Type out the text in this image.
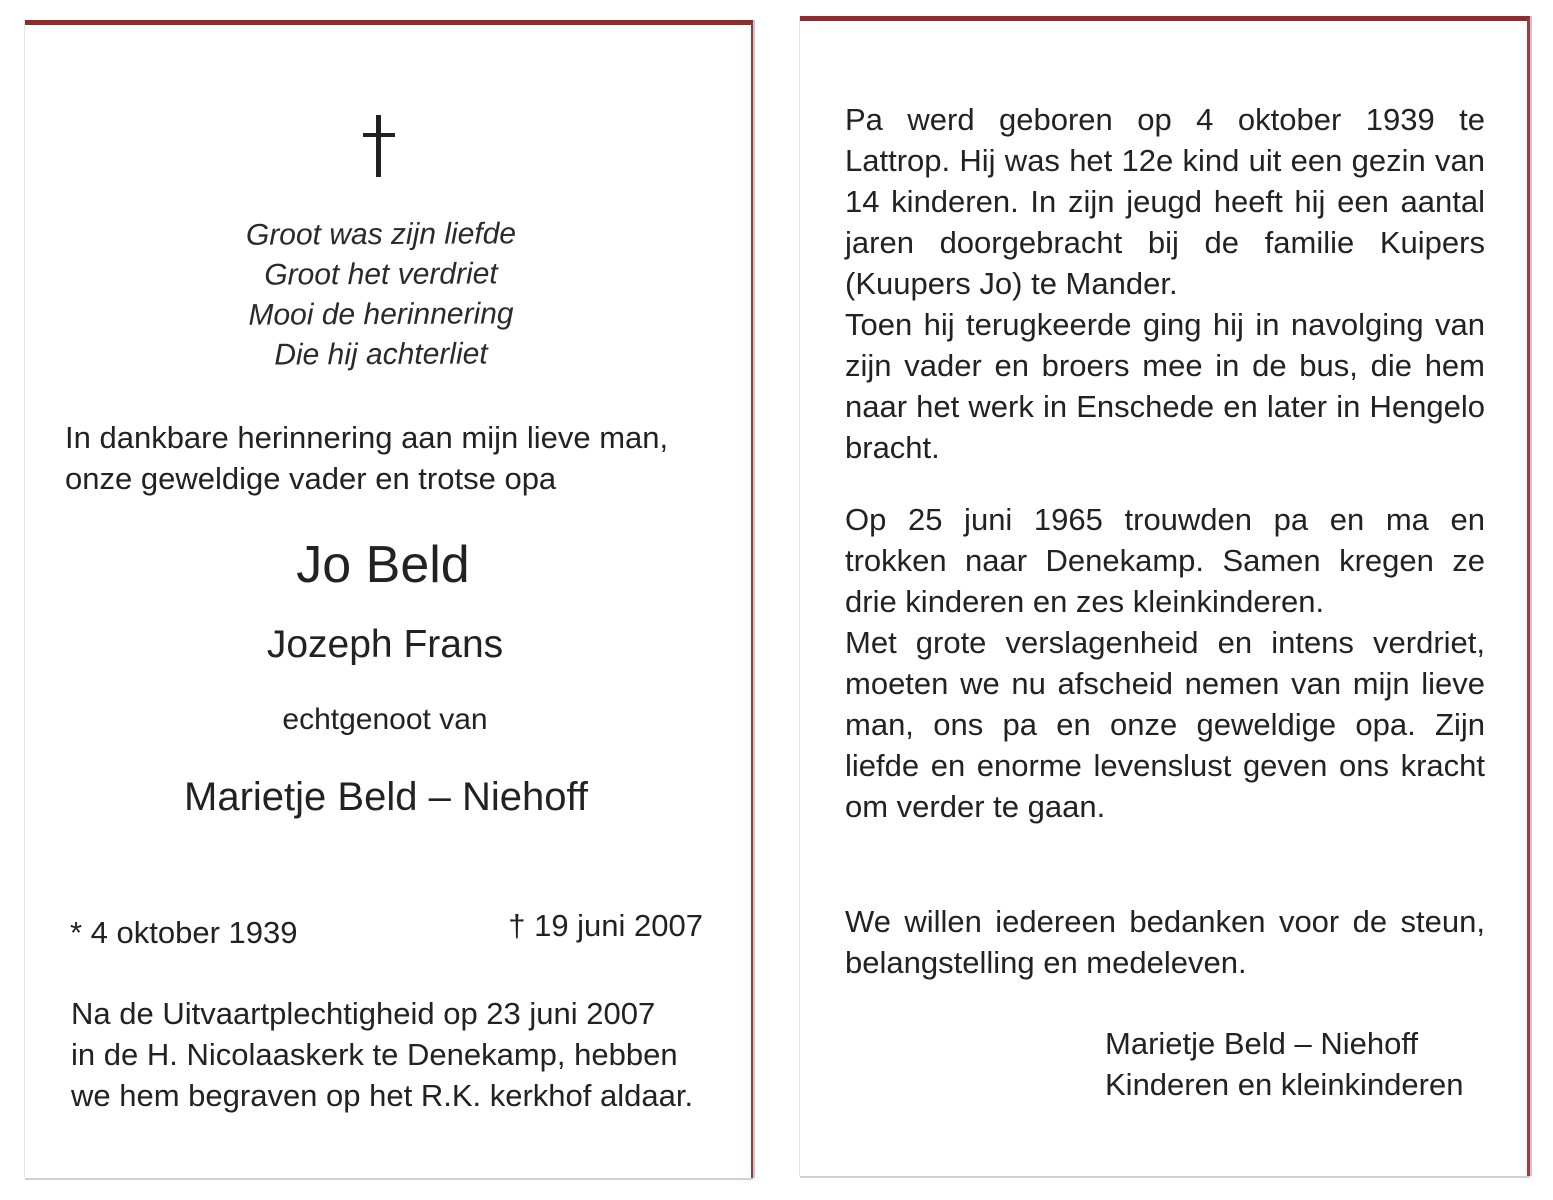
Groot was zijn liefde
Groot het verdriet
Mooi de herinnering
Die hij achterliet
In dankbare herinnering aan mijn lieve man,
onze geweldige vader en trotse opa
Jo Beld
Jozeph Frans
echtgenoot van
Marietje Beld – Niehoff
* 4 oktober 1939	† 19 juni 2007
Na de Uitvaartplechtigheid op 23 juni 2007
in de H. Nicolaaskerk te Denekamp, hebben
we hem begraven op het R.K. kerkhof aldaar.

Pa werd geboren op 4 oktober 1939 te Lattrop. Hij was het 12e kind uit een gezin van 14 kinderen. In zijn jeugd heeft hij een aantal jaren doorgebracht bij de familie Kuipers (Kuupers Jo) te Mander.

Toen hij terugkeerde ging hij in navolging van zijn vader en broers mee in de bus, die hem naar het werk in Enschede en later in Hengelo bracht.

Op 25 juni 1965 trouwden pa en ma en trokken naar Denekamp. Samen kregen ze drie kinderen en zes kleinkinderen.

Met grote verslagenheid en intens verdriet, moeten we nu afscheid nemen van mijn lieve man, ons pa en onze geweldige opa. Zijn liefde en enorme levenslust geven ons kracht om verder te gaan.

We willen iedereen bedanken voor de steun, belangstelling en medeleven.

Marietje Beld – Niehoff
Kinderen en kleinkinderen
